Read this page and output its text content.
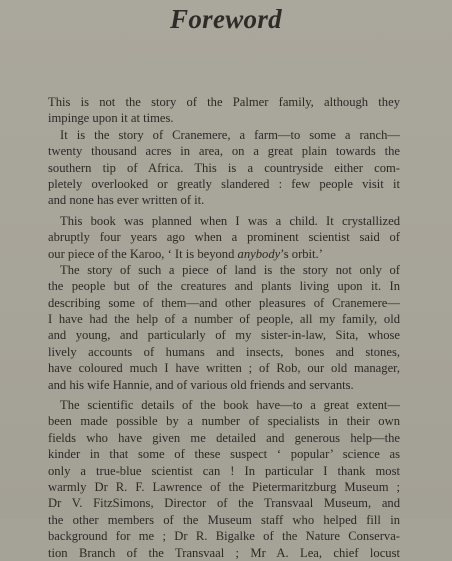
Foreword
This is not the story of the Palmer family, although they
impinge upon it at times.
It is the story of Cranemere, a farm—to some a ranch—
twenty thousand acres in area, on a great plain towards the
southern tip of Africa. This is a countryside either com-
pletely overlooked or greatly slandered : few people visit it
and none has ever written of it.
This book was planned when I was a child. It crystallized
abruptly four years ago when a prominent scientist said of
our piece of the Karoo, ‘ It is beyond anybody’s orbit.’
The story of such a piece of land is the story not only of
the people but of the creatures and plants living upon it. In
describing some of them—and other pleasures of Cranemere—
I have had the help of a number of people, all my family, old
and young, and particularly of my sister-in-law, Sita, whose
lively accounts of humans and insects, bones and stones,
have coloured much I have written ; of Rob, our old manager,
and his wife Hannie, and of various old friends and servants.
The scientific details of the book have—to a great extent—
been made possible by a number of specialists in their own
fields who have given me detailed and generous help—the
kinder in that some of these suspect ‘ popular’ science as
only a true-blue scientist can ! In particular I thank most
warmly Dr R. F. Lawrence of the Pietermaritzburg Museum ;
Dr V. FitzSimons, Director of the Transvaal Museum, and
the other members of the Museum staff who helped fill in
background for me ; Dr R. Bigalke of the Nature Conserva-
tion Branch of the Transvaal ; Mr A. Lea, chief locust
